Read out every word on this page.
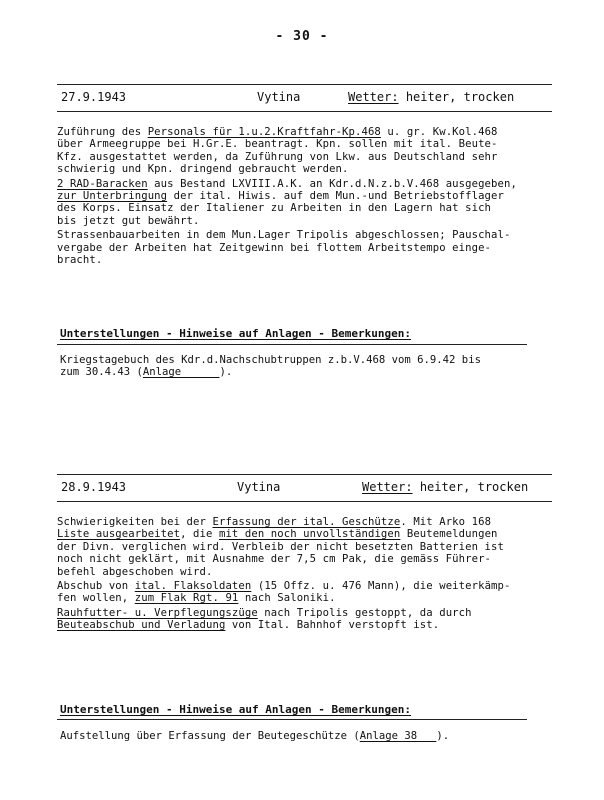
- 30 -
27.9.1943	Vytina	Wetter: heiter, trocken

Zuführung des Personals für 1.u.2.Kraftfahr-Kp.468 u. gr. Kw.Kol.468
über Armeegruppe bei H.Gr.E. beantragt. Kpn. sollen mit ital. Beute-
Kfz. ausgestattet werden, da Zuführung von Lkw. aus Deutschland sehr
schwierig und Kpn. dringend gebraucht werden.

2 RAD-Baracken aus Bestand LXVIII.A.K. an Kdr.d.N.z.b.V.468 ausgegeben,
zur Unterbringung der ital. Hiwis. auf dem Mun.-und Betriebstofflager
des Korps. Einsatz der Italiener zu Arbeiten in den Lagern hat sich
bis jetzt gut bewährt.

Strassenbauarbeiten in dem Mun.Lager Tripolis abgeschlossen; Pauschal-
vergabe der Arbeiten hat Zeitgewinn bei flottem Arbeitstempo einge-
bracht.

Unterstellungen - Hinweise auf Anlagen - Bemerkungen:
Kriegstagebuch des Kdr.d.Nachschubtruppen z.b.V.468 vom 6.9.42 bis
zum 30.4.43 (Anlage      ).
28.9.1943	Vytina	Wetter: heiter, trocken

Schwierigkeiten bei der Erfassung der ital. Geschütze. Mit Arko 168
Liste ausgearbeitet, die mit den noch unvollständigen Beutemeldungen
der Divn. verglichen wird. Verbleib der nicht besetzten Batterien ist
noch nicht geklärt, mit Ausnahme der 7,5 cm Pak, die gemäss Führer-
befehl abgeschoben wird.

Abschub von ital. Flaksoldaten (15 Offz. u. 476 Mann), die weiterkämp-
fen wollen, zum Flak Rgt. 91 nach Saloniki.

Rauhfutter- u. Verpflegungszüge nach Tripolis gestoppt, da durch
Beuteabschub und Verladung von Ital. Bahnhof verstopft ist.

Unterstellungen - Hinweise auf Anlagen - Bemerkungen:
Aufstellung über Erfassung der Beutegeschütze (Anlage 38   ).
